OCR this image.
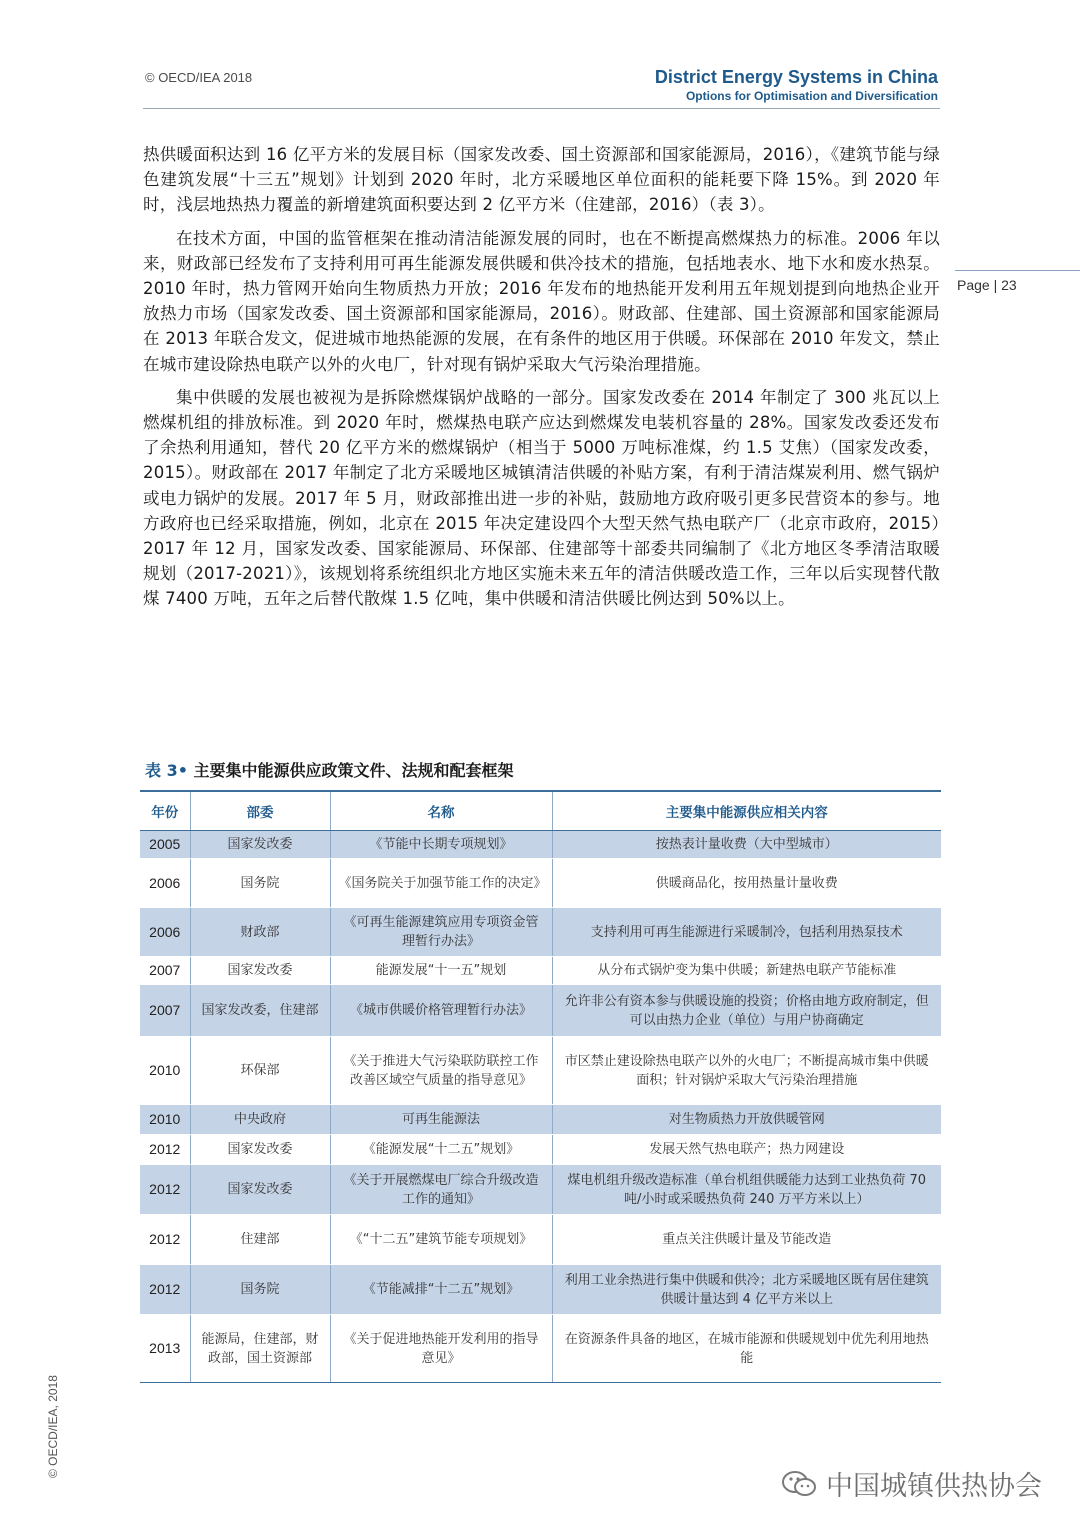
© OECD/IEA 2018	District Energy Systems in China
Options for Optimisation and Diversification
Page | 23

热供暖面积达到 16 亿平方米的发展目标（国家发改委、国土资源部和国家能源局，2016），《建筑节能与绿色建筑发展“十三五”规划》计划到 2020 年时，北方采暖地区单位面积的能耗要下降 15%。到 2020 年时，浅层地热热力覆盖的新增建筑面积要达到 2 亿平方米（住建部，2016）（表 3）。

在技术方面，中国的监管框架在推动清洁能源发展的同时，也在不断提高燃煤热力的标准。2006 年以来，财政部已经发布了支持利用可再生能源发展供暖和供冷技术的措施，包括地表水、地下水和废水热泵。2010 年时，热力管网开始向生物质热力开放；2016 年发布的地热能开发利用五年规划提到向地热企业开放热力市场（国家发改委、国土资源部和国家能源局，2016）。财政部、住建部、国土资源部和国家能源局在 2013 年联合发文，促进城市地热能源的发展，在有条件的地区用于供暖。环保部在 2010 年发文，禁止在城市建设除热电联产以外的火电厂，针对现有锅炉采取大气污染治理措施。

集中供暖的发展也被视为是拆除燃煤锅炉战略的一部分。国家发改委在 2014 年制定了 300 兆瓦以上燃煤机组的排放标准。到 2020 年时，燃煤热电联产应达到燃煤发电装机容量的 28%。国家发改委还发布了余热利用通知，替代 20 亿平方米的燃煤锅炉（相当于 5000 万吨标准煤，约 1.5 艾焦）（国家发改委，2015）。财政部在 2017 年制定了北方采暖地区城镇清洁供暖的补贴方案，有利于清洁煤炭利用、燃气锅炉或电力锅炉的发展。2017 年 5 月，财政部推出进一步的补贴，鼓励地方政府吸引更多民营资本的参与。地方政府也已经采取措施，例如，北京在 2015 年决定建设四个大型天然气热电联产厂（北京市政府，2015）2017 年 12 月，国家发改委、国家能源局、环保部、住建部等十部委共同编制了《北方地区冬季清洁取暖规划（2017-2021）》，该规划将系统组织北方地区实施未来五年的清洁供暖改造工作，三年以后实现替代散煤 7400 万吨，五年之后替代散煤 1.5 亿吨，集中供暖和清洁供暖比例达到 50%以上。

表 3• 主要集中能源供应政策文件、法规和配套框架
年份	部委	名称	主要集中能源供应相关内容
2005	国家发改委	《节能中长期专项规划》	按热表计量收费（大中型城市）
2006	国务院	《国务院关于加强节能工作的决定》	供暖商品化，按用热量计量收费
2006	财政部	《可再生能源建筑应用专项资金管理暂行办法》	支持利用可再生能源进行采暖制冷，包括利用热泵技术
2007	国家发改委	能源发展“十一五”规划	从分布式锅炉变为集中供暖；新建热电联产节能标准
2007	国家发改委，住建部	《城市供暖价格管理暂行办法》	允许非公有资本参与供暖设施的投资；价格由地方政府制定，但可以由热力企业（单位）与用户协商确定
2010	环保部	《关于推进大气污染联防联控工作改善区域空气质量的指导意见》	市区禁止建设除热电联产以外的火电厂；不断提高城市集中供暖面积；针对锅炉采取大气污染治理措施
2010	中央政府	可再生能源法	对生物质热力开放供暖管网
2012	国家发改委	《能源发展“十二五”规划》	发展天然气热电联产；热力网建设
2012	国家发改委	《关于开展燃煤电厂综合升级改造工作的通知》	煤电机组升级改造标准（单台机组供暖能力达到工业热负荷 70 吨/小时或采暖热负荷 240 万平方米以上）
2012	住建部	《“十二五”建筑节能专项规划》	重点关注供暖计量及节能改造
2012	国务院	《节能减排“十二五”规划》	利用工业余热进行集中供暖和供冷；北方采暖地区既有居住建筑供暖计量达到 4 亿平方米以上
2013	能源局，住建部，财政部，国土资源部	《关于促进地热能开发利用的指导意见》	在资源条件具备的地区，在城市能源和供暖规划中优先利用地热能
© OECD/IEA, 2018
中国城镇供热协会
